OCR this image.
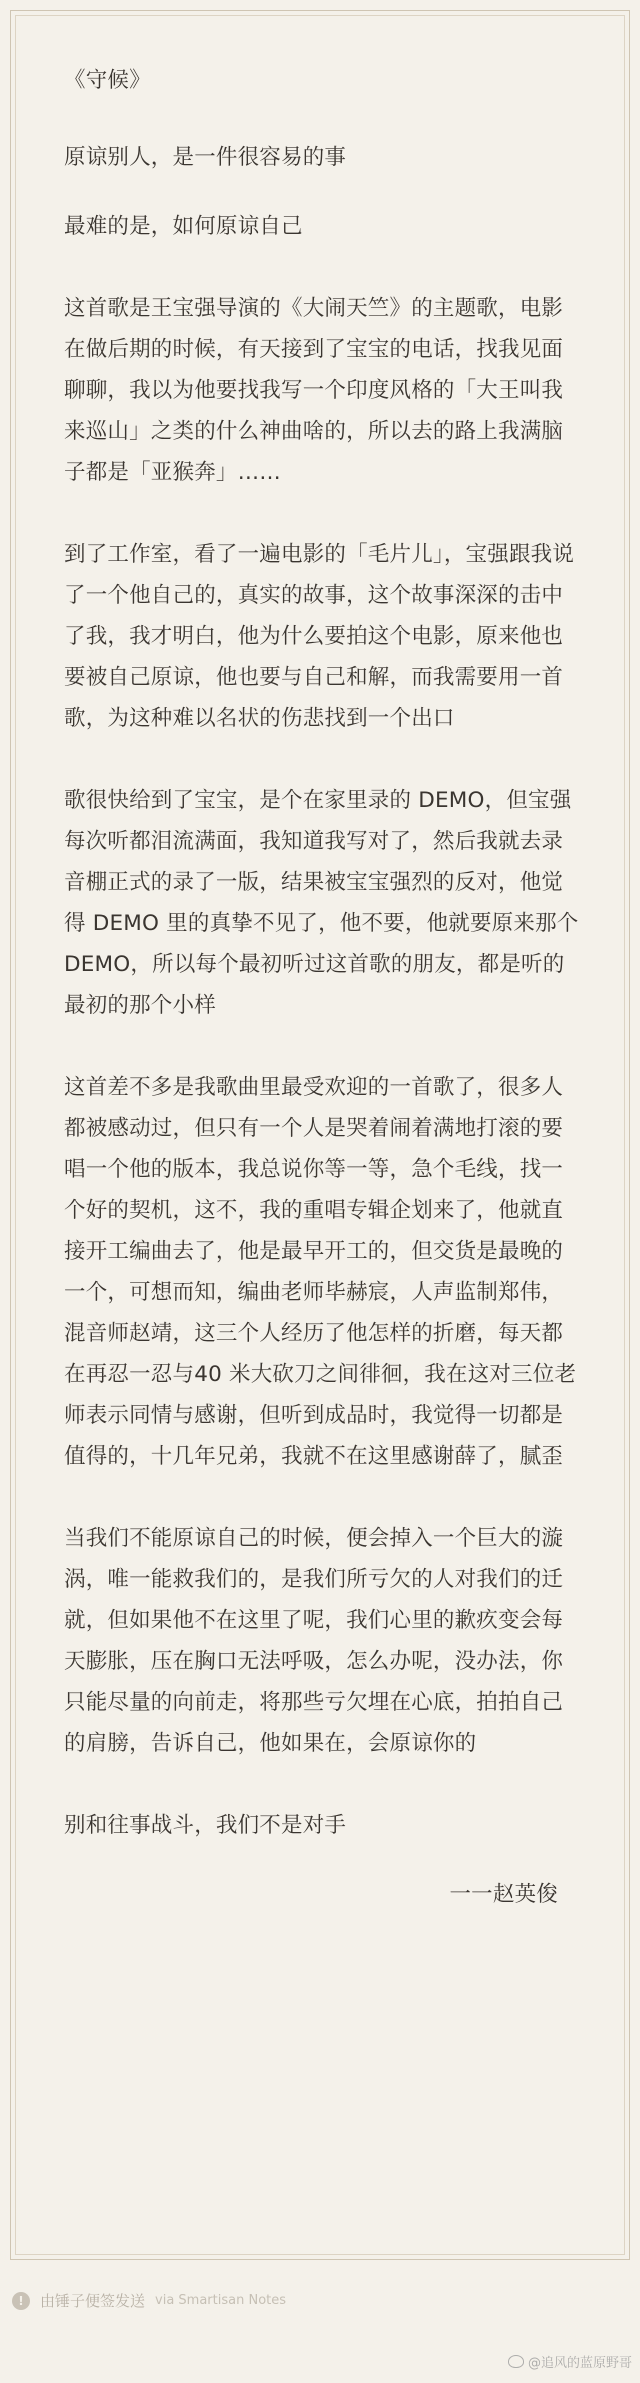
《守候》

原谅别人，是一件很容易的事

最难的是，如何原谅自己

这首歌是王宝强导演的《大闹天竺》的主题歌，电影在做后期的时候，有天接到了宝宝的电话，找我见面聊聊，我以为他要找我写一个印度风格的「大王叫我来巡山」之类的什么神曲啥的，所以去的路上我满脑子都是「亚猴奔」……

到了工作室，看了一遍电影的「毛片儿」，宝强跟我说了一个他自己的，真实的故事，这个故事深深的击中了我，我才明白，他为什么要拍这个电影，原来他也要被自己原谅，他也要与自己和解，而我需要用一首歌，为这种难以名状的伤悲找到一个出口

歌很快给到了宝宝，是个在家里录的 DEMO，但宝强每次听都泪流满面，我知道我写对了，然后我就去录音棚正式的录了一版，结果被宝宝强烈的反对，他觉得 DEMO 里的真挚不见了，他不要，他就要原来那个 DEMO，所以每个最初听过这首歌的朋友，都是听的最初的那个小样

这首差不多是我歌曲里最受欢迎的一首歌了，很多人都被感动过，但只有一个人是哭着闹着满地打滚的要唱一个他的版本，我总说你等一等，急个毛线，找一个好的契机，这不，我的重唱专辑企划来了，他就直接开工编曲去了，他是最早开工的，但交货是最晚的一个，可想而知，编曲老师毕赫宸，人声监制郑伟，混音师赵靖，这三个人经历了他怎样的折磨，每天都在再忍一忍与40 米大砍刀之间徘徊，我在这对三位老师表示同情与感谢，但听到成品时，我觉得一切都是值得的，十几年兄弟，我就不在这里感谢薛了，腻歪

当我们不能原谅自己的时候，便会掉入一个巨大的漩涡，唯一能救我们的，是我们所亏欠的人对我们的迁就，但如果他不在这里了呢，我们心里的歉疚变会每天膨胀，压在胸口无法呼吸，怎么办呢，没办法，你只能尽量的向前走，将那些亏欠埋在心底，拍拍自己的肩膀，告诉自己，他如果在，会原谅你的

别和往事战斗，我们不是对手

一一赵英俊

!	由锤子便签发送 via Smartisan Notes
@追风的蓝原野哥
